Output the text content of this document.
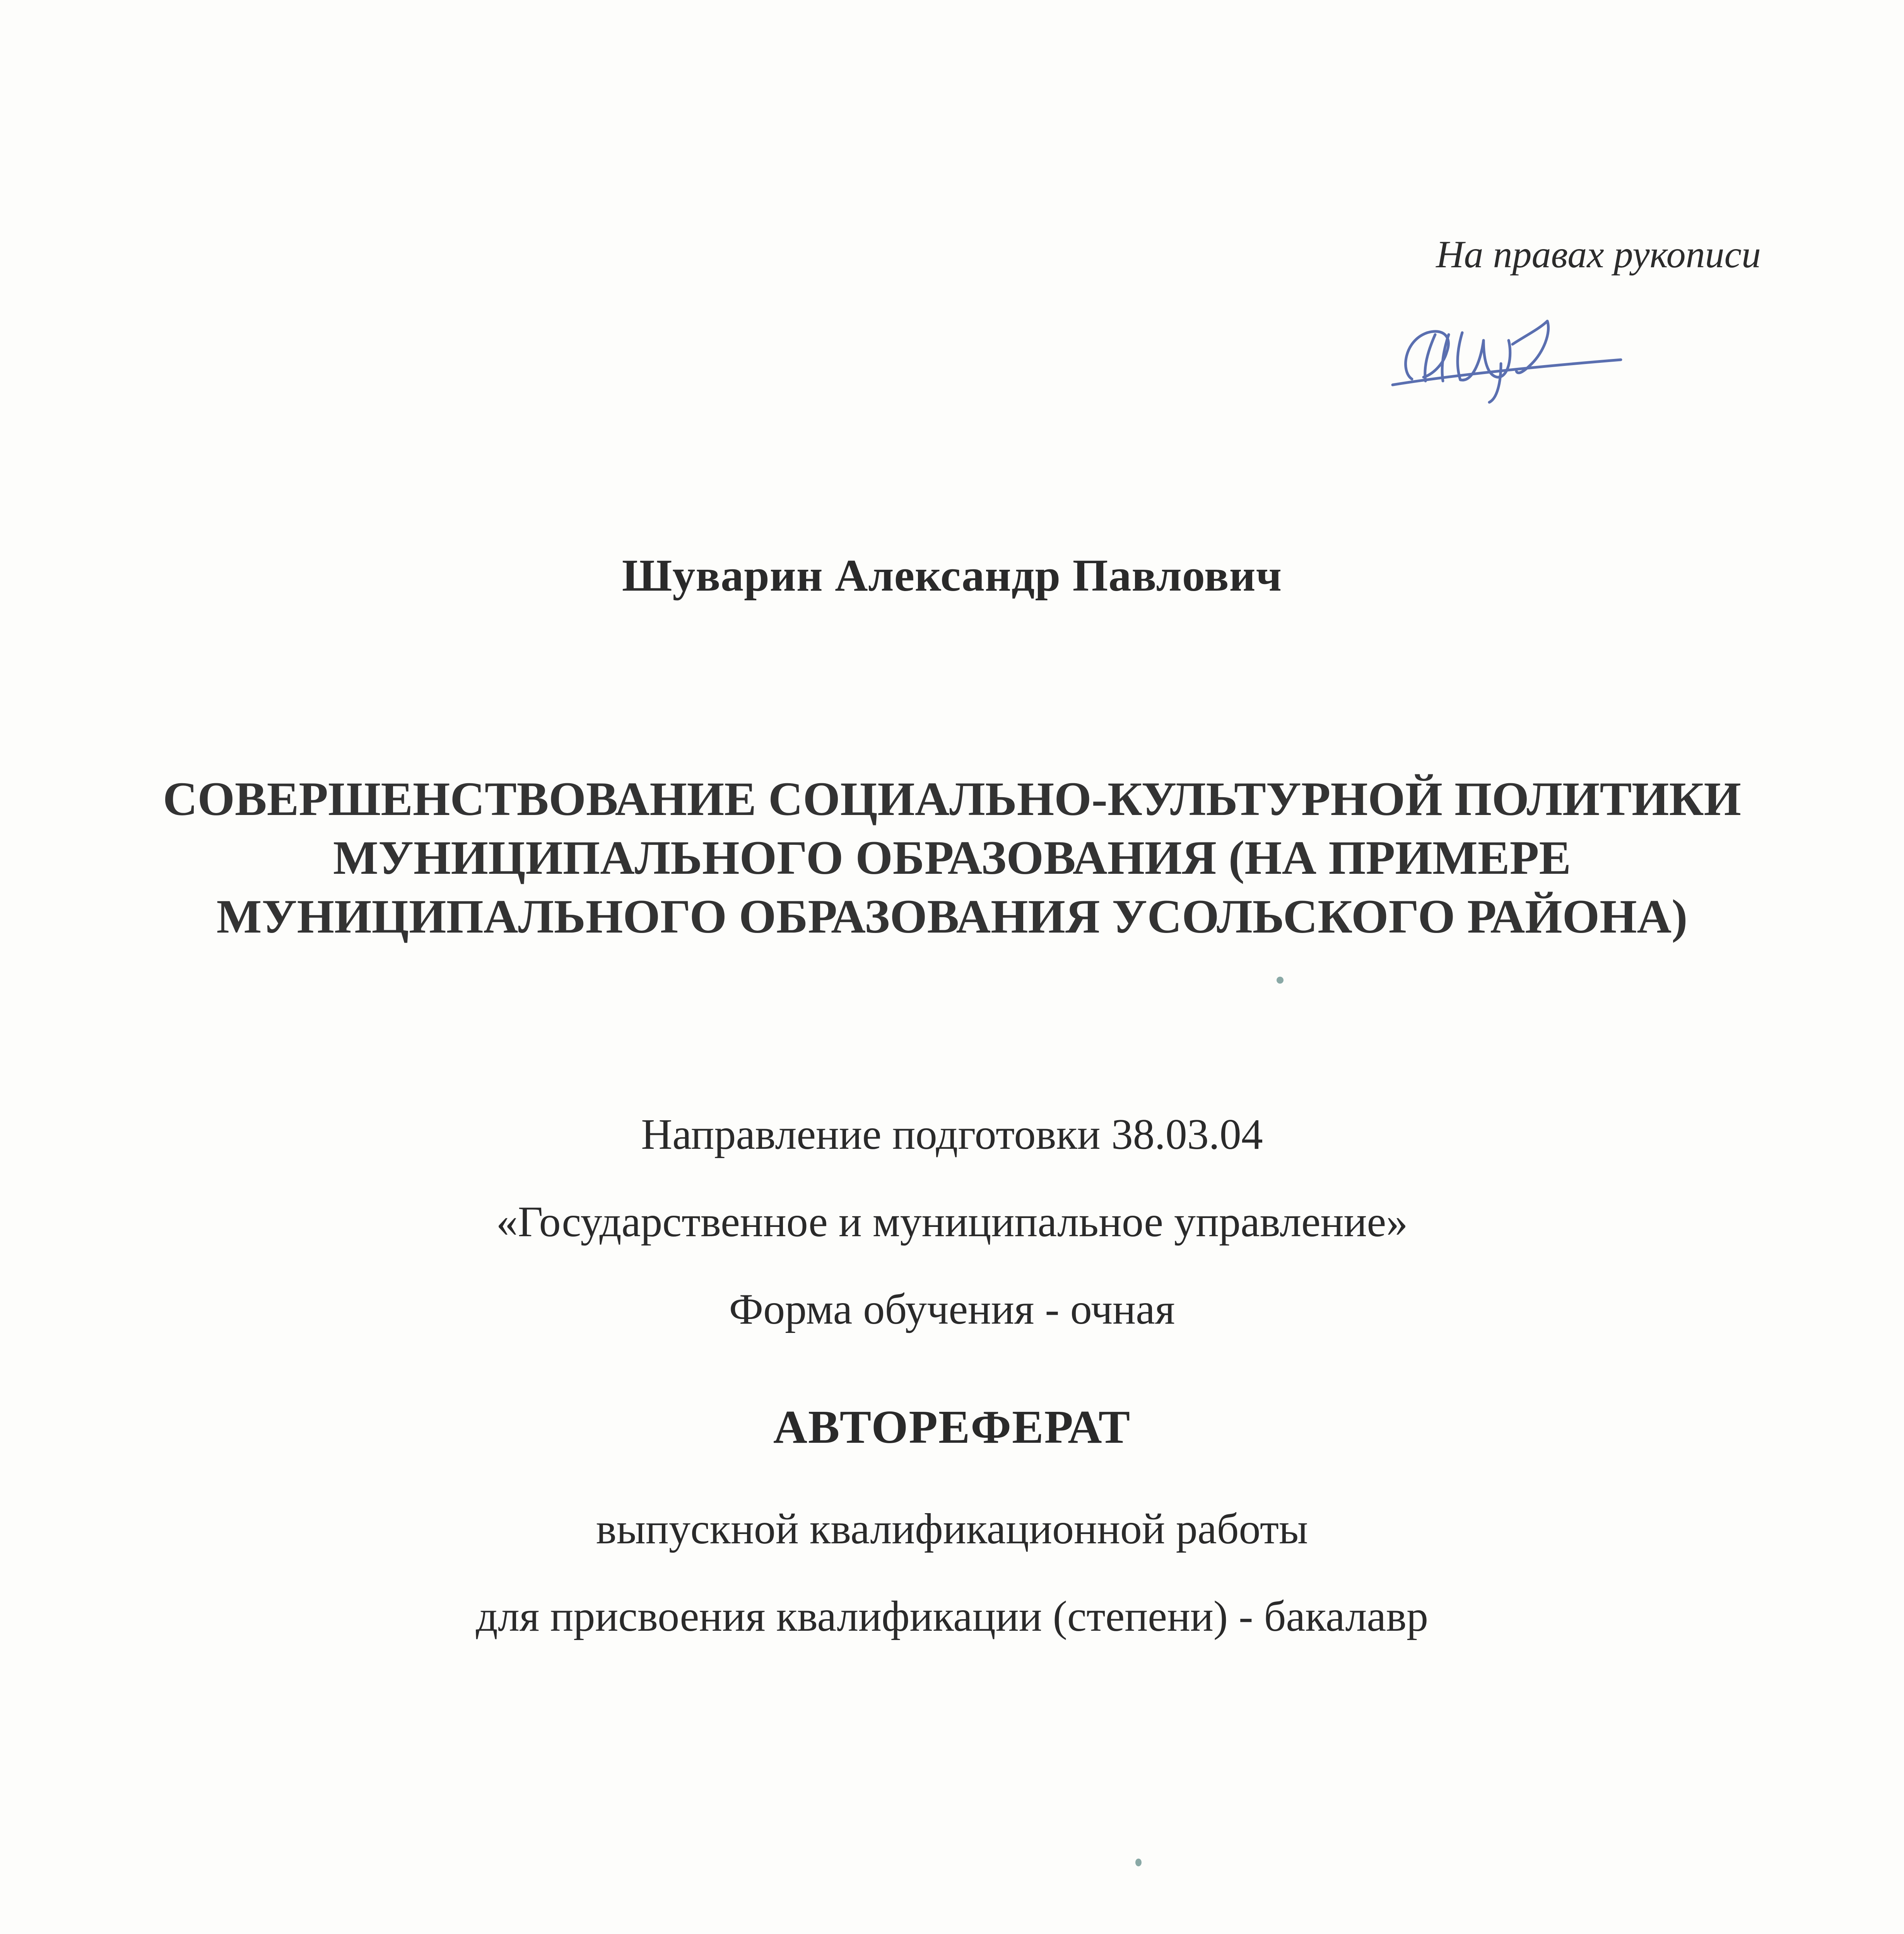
На правах рукописи
Шуварин Александр Павлович
СОВЕРШЕНСТВОВАНИЕ СОЦИАЛЬНО-КУЛЬТУРНОЙ ПОЛИТИКИ
МУНИЦИПАЛЬНОГО ОБРАЗОВАНИЯ (НА ПРИМЕРЕ
МУНИЦИПАЛЬНОГО ОБРАЗОВАНИЯ УСОЛЬСКОГО РАЙОНА)
Направление подготовки 38.03.04
«Государственное и муниципальное управление»
Форма обучения - очная
АВТОРЕФЕРАТ
выпускной квалификационной работы
для присвоения квалификации (степени) - бакалавр
